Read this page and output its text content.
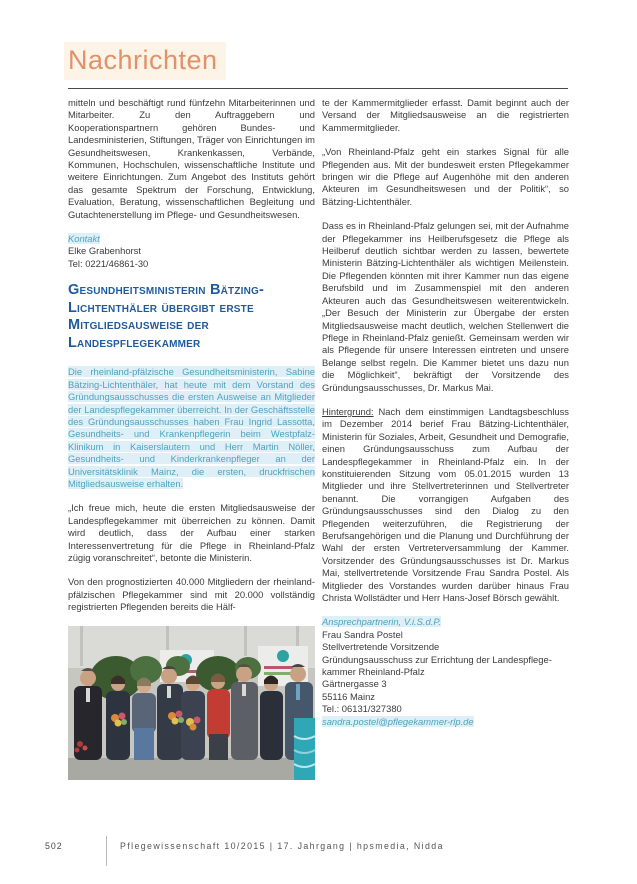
Nachrichten

mitteln und beschäftigt rund fünfzehn Mitarbeiterinnen und Mitarbeiter. Zu den Auftraggebern und Kooperationspartnern gehören Bundes- und Landesministerien, Stiftungen, Träger von Einrichtungen im Gesundheitswesen, Krankenkassen, Verbände, Kommunen, Hochschulen, wissenschaftliche Institute und weitere Einrichtungen. Zum Angebot des Instituts gehört das gesamte Spektrum der Forschung, Entwicklung, Evaluation, Beratung, wissenschaftlichen Begleitung und Gutachtenerstellung im Pflege- und Gesundheitswesen.

Kontakt
Elke Grabenhorst
Tel: 0221/46861-30
Gesundheitsministerin Bätzing-Lichtenthäler übergibt erste Mitgliedsausweise der Landespflegekammer

Die rheinland-pfälzische Gesundheitsministerin, Sabine Bätzing-Lichtenthäler, hat heute mit dem Vorstand des Gründungsausschusses die ersten Ausweise an Mitglieder der Landespflegekammer überreicht. In der Geschäftsstelle des Gründungsausschusses haben Frau Ingrid Lassotta, Gesundheits- und Krankenpflegerin beim Westpfalz-Klinikum in Kaiserslautern und Herr Martin Nöller, Gesundheits- und Kinderkrankenpfleger an der Universitätsklinik Mainz, die ersten, druckfrischen Mitgliedsausweise erhalten.

„Ich freue mich, heute die ersten Mitgliedsausweise der Landespflegekammer mit überreichen zu können. Damit wird deutlich, dass der Aufbau einer starken Interessenvertretung für die Pflege in Rheinland-Pfalz zügig voranschreitet“, betonte die Ministerin.

Von den prognostizierten 40.000 Mitgliedern der rheinland-pfälzischen Pflegekammer sind mit 20.000 vollständig registrierten Pflegenden bereits die Hälf-

te der Kammermitglieder erfasst. Damit beginnt auch der Versand der Mitgliedsausweise an die registrierten Kammermitglieder.

„Von Rheinland-Pfalz geht ein starkes Signal für alle Pflegenden aus. Mit der bundesweit ersten Pflegekammer bringen wir die Pflege auf Augenhöhe mit den anderen Akteuren im Gesundheitswesen und der Politik“, so Bätzing-Lichtenthäler.

Dass es in Rheinland-Pfalz gelungen sei, mit der Aufnahme der Pflegekammer ins Heilberufsgesetz die Pflege als Heilberuf deutlich sichtbar werden zu lassen, bewertete Ministerin Bätzing-Lichtenthäler als wichtigen Meilenstein. Die Pflegenden könnten mit ihrer Kammer nun das eigene Berufsbild und im Zusammenspiel mit den anderen Akteuren auch das Gesundheitswesen weiterentwickeln. „Der Besuch der Ministerin zur Übergabe der ersten Mitgliedsausweise macht deutlich, welchen Stellenwert die Pflege in Rheinland-Pfalz genießt. Gemeinsam werden wir als Pflegende für unsere Interessen eintreten und unsere Belange selbst regeln. Die Kammer bietet uns dazu nun die Möglichkeit“, bekräftigt der Vorsitzende des Gründungsausschusses, Dr. Markus Mai.

Hintergrund: Nach dem einstimmigen Landtagsbeschluss im Dezember 2014 berief Frau Bätzing-Lichtenthäler, Ministerin für Soziales, Arbeit, Gesundheit und Demografie, einen Gründungsausschuss zum Aufbau der Landespflegekammer in Rheinland-Pfalz ein. In der konstituierenden Sitzung vom 05.01.2015 wurden 13 Mitglieder und ihre Stellvertreterinnen und Stellvertreter benannt. Die vorrangigen Aufgaben des Gründungsausschusses sind den Dialog zu den Pflegenden weiterzuführen, die Registrierung der Berufsangehörigen und die Planung und Durchführung der Wahl der ersten Vertreterversammlung der Kammer. Vorsitzender des Gründungsausschusses ist Dr. Markus Mai, stellvertretende Vorsitzende Frau Sandra Postel. Als Mitglieder des Vorstandes wurden darüber hinaus Frau Christa Wollstädter und Herr Hans-Josef Börsch gewählt.

Ansprechpartnerin, V.i.S.d.P.
Frau Sandra Postel
Stellvertretende Vorsitzende
Gründungsausschuss zur Errichtung der Landespflege-
kammer Rheinland-Pfalz
Gärtnergasse 3
55116 Mainz
Tel.: 06131/327380
sandra.postel@pflegekammer-rlp.de
502	Pflegewissenschaft 10/2015 | 17. Jahrgang | hpsmedia, Nidda
